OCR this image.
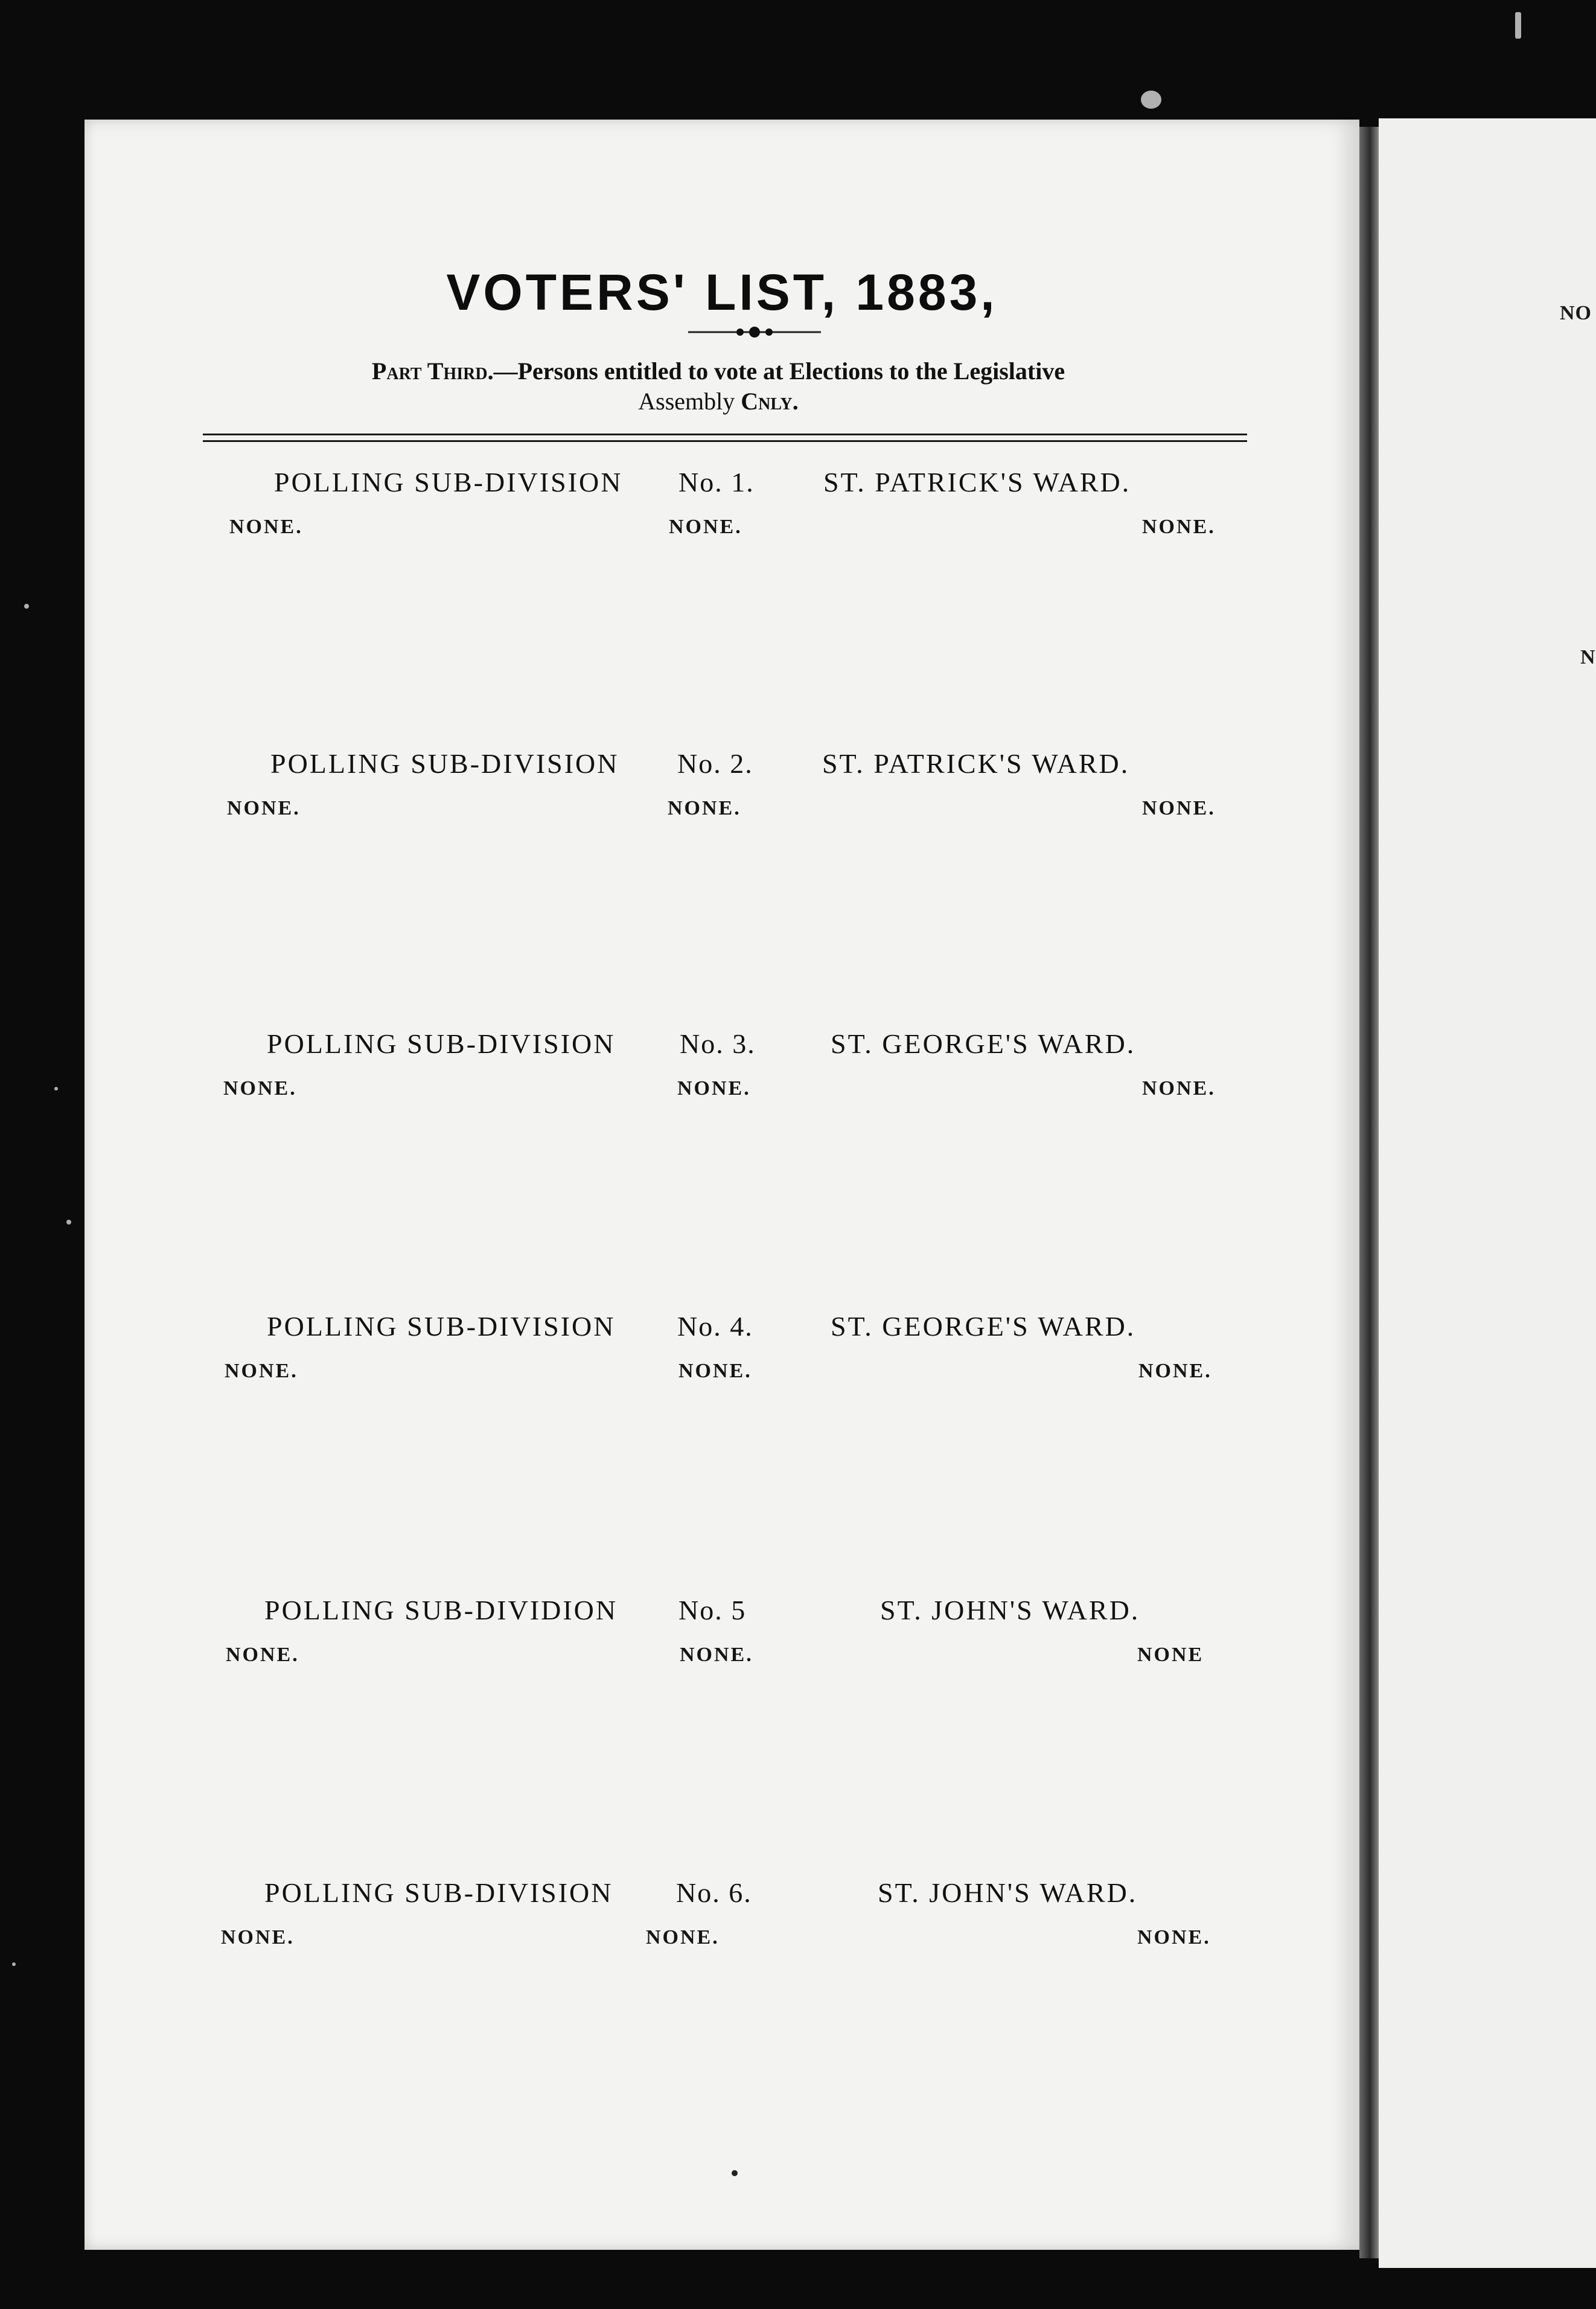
NO
N
VOTERS' LIST, 1883,
Part Third.—Persons entitled to vote at Elections to the Legislative
Assembly Cnly.
POLLING SUB-DIVISION No. 1. ST. PATRICK'S WARD.
NONE.	NONE.	NONE.
POLLING SUB-DIVISION No. 2. ST. PATRICK'S WARD.
NONE.	NONE.	NONE.
POLLING SUB-DIVISION No. 3.	ST. GEORGE'S WARD.
NONE.	NONE.	NONE.
POLLING SUB-DIVISION No. 4.	ST. GEORGE'S WARD.
NONE.	NONE.	NONE.
POLLING SUB-DIVIDION No. 5	ST. JOHN'S WARD.
NONE.	NONE.	NONE
POLLING SUB-DIVISION No. 6.	ST. JOHN'S WARD.
NONE.	NONE.	NONE.
